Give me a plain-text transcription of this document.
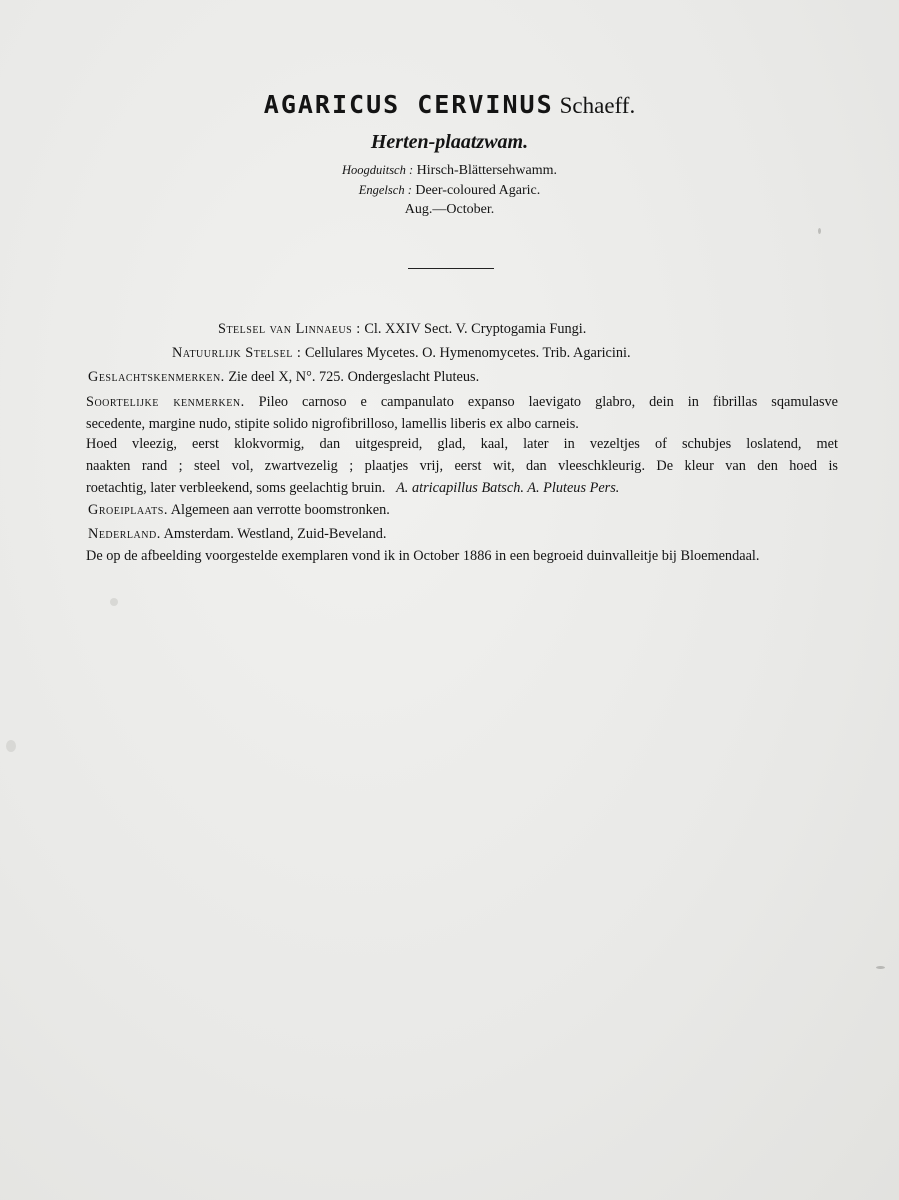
AGARICUS CERVINUS Schaeff.
Herten-plaatzwam.
Hoogduitsch : Hirsch-Blättersehwamm.
Engelsch : Deer-coloured Agaric.
Aug.—October.
Stelsel van Linnaeus : Cl. XXIV Sect. V. Cryptogamia Fungi.
Natuurlijk Stelsel : Cellulares Mycetes. O. Hymenomycetes. Trib. Agaricini.
Geslachtskenmerken. Zie deel X, N°. 725. Ondergeslacht Pluteus.
Soortelijke kenmerken. Pileo carnoso e campanulato expanso laevigato glabro, dein in fibrillas sqamulasve
secedente, margine nudo, stipite solido nigrofibrilloso, lamellis liberis ex albo carneis.
Hoed vleezig, eerst klokvormig, dan uitgespreid, glad, kaal, later in vezeltjes of schubjes loslatend, met
naakten rand ; steel vol, zwartvezelig ; plaatjes vrij, eerst wit, dan vleeschkleurig. De kleur van den hoed is
roetachtig, later verbleekend, soms geelachtig bruin. A. atricapillus Batsch. A. Pluteus Pers.
Groeiplaats. Algemeen aan verrotte boomstronken.
Nederland. Amsterdam. Westland, Zuid-Beveland.
De op de afbeelding voorgestelde exemplaren vond ik in October 1886 in een begroeid duinvalleitje bij Bloemendaal.
